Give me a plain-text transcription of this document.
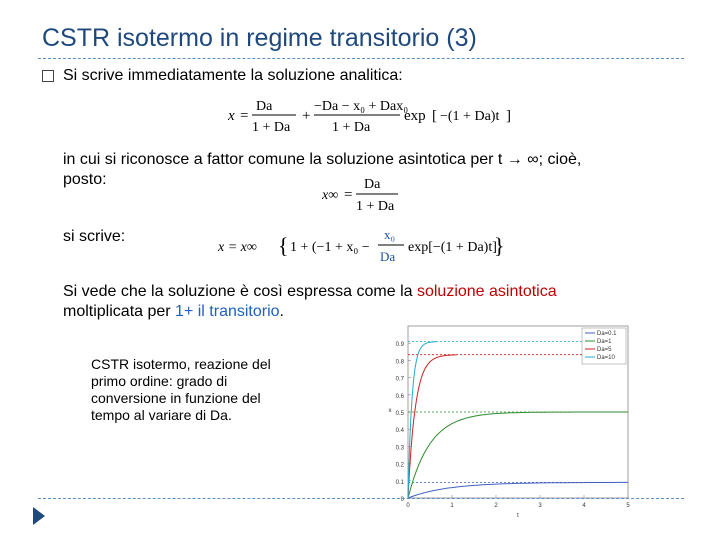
CSTR isotermo in regime transitorio (3)
Si scrive immediatamente la soluzione analitica:
x =
Da
1 + Da
+
−Da − x₀ + Dax₀
1 + Da
exp [ −(1 + Da)t ]
in cui si riconosce a fattor comune la soluzione asintotica per t → ∞; cioè,
posto:
x∞ =
Da
1 + Da
si scrive:
x = x∞ { 1 + (−1 + x₀ −
x₀
Da
exp[−(1 + Da)t]
}
Si vede che la soluzione è così espressa come la soluzione asintotica
moltiplicata per 1+ il transitorio.
CSTR isotermo, reazione del primo ordine: grado di conversione in funzione del tempo al variare di Da.
0
0.1
0.2
0.3
0.4
0.5
0.6
0.7
0.8
0.9
0	1	2	3	4	5
t
x
Da=0.1
Da=1
Da=5
Da=10
